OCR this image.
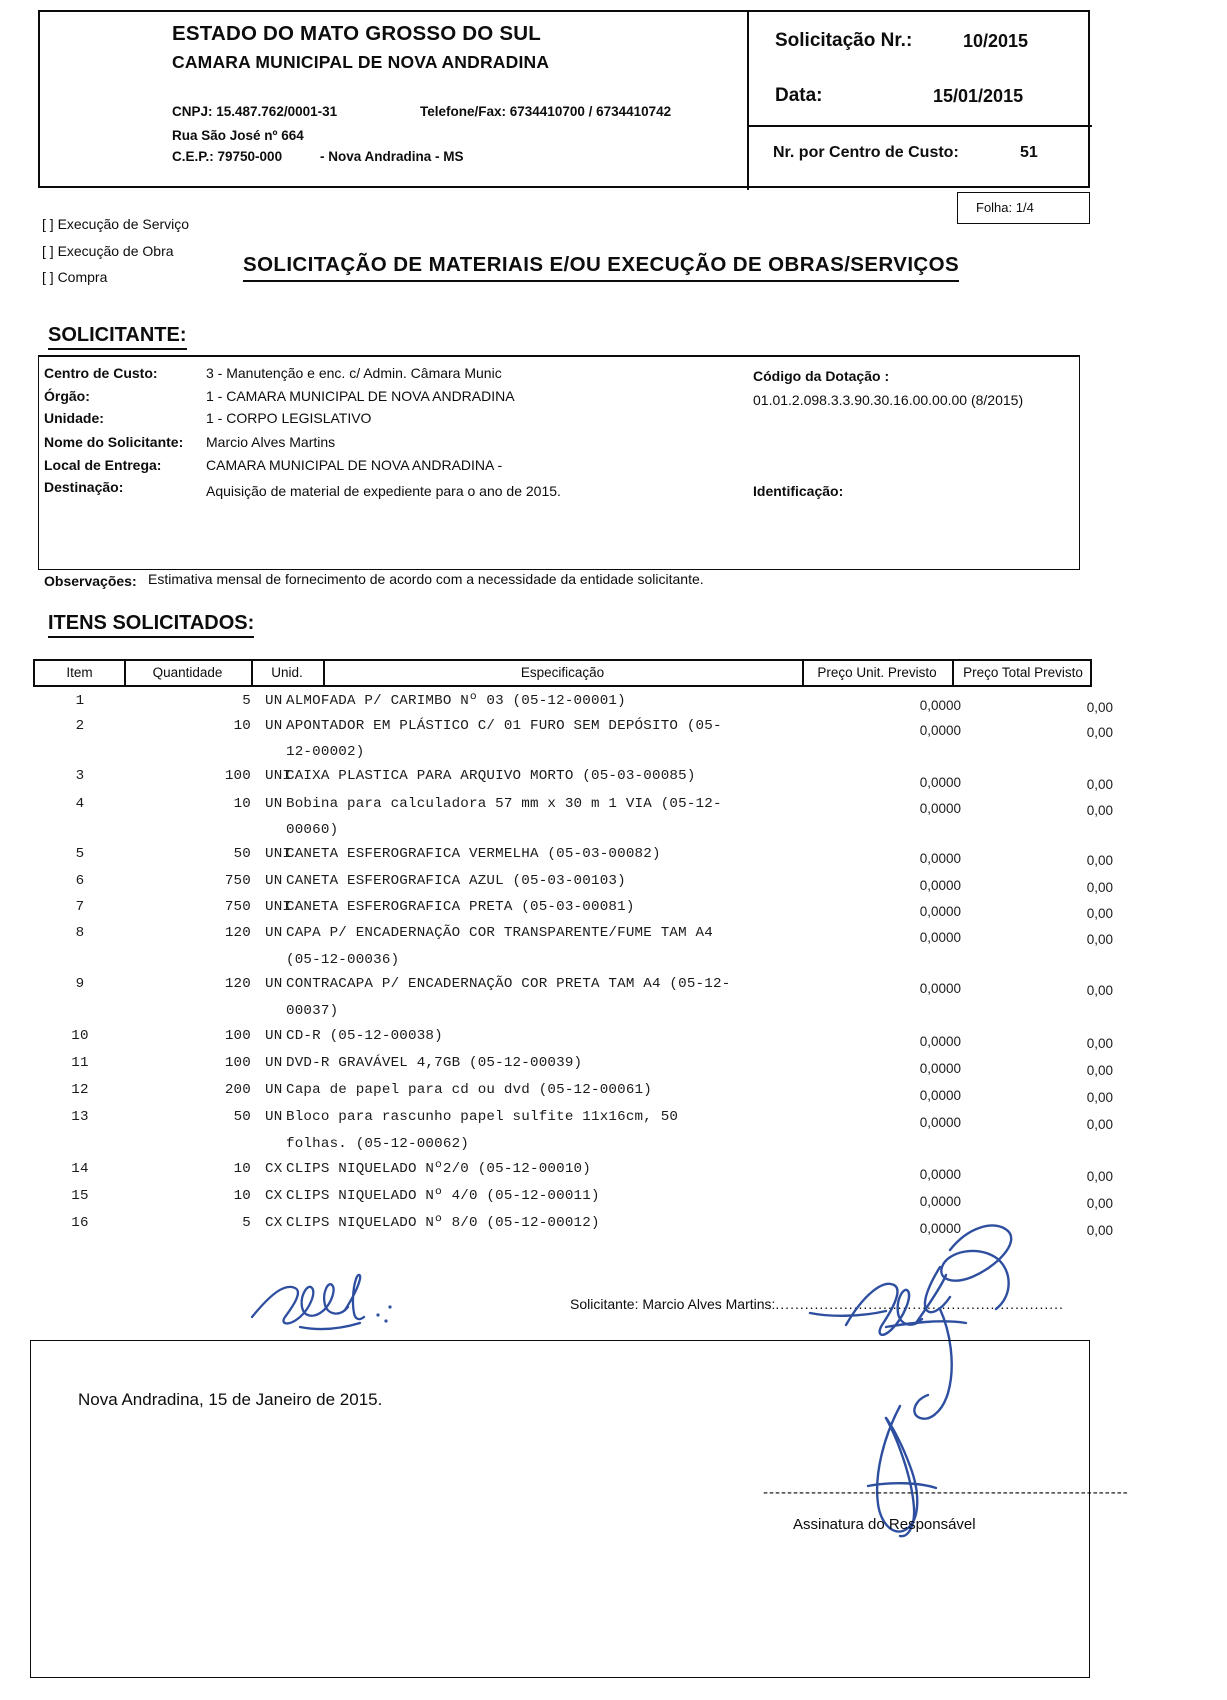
ESTADO DO MATO GROSSO DO SUL
CAMARA MUNICIPAL DE NOVA ANDRADINA
CNPJ: 15.487.762/0001-31	Telefone/Fax: 6734410700 / 6734410742
Rua São José nº 664
C.E.P.: 79750-000	- Nova Andradina - MS
Solicitação Nr.:	10/2015
Data:	15/01/2015
Nr. por Centro de Custo:	51
Folha: 1/4
[ ] Execução de Serviço
[ ] Execução de Obra
[ ] Compra
SOLICITAÇÃO DE MATERIAIS E/OU EXECUÇÃO DE OBRAS/SERVIÇOS
SOLICITANTE:
Centro de Custo:	3 - Manutenção e enc. c/ Admin. Câmara Munic
Órgão:	1 - CAMARA MUNICIPAL DE NOVA ANDRADINA
Unidade:	1 - CORPO LEGISLATIVO
Nome do Solicitante: Marcio Alves Martins
Local de Entrega:	CAMARA MUNICIPAL DE NOVA ANDRADINA -
Destinação:	Aquisição de material de expediente para o ano de 2015.
Código da Dotação :
01.01.2.098.3.3.90.30.16.00.00.00 (8/2015)
Identificação:
Observações: Estimativa mensal de fornecimento de acordo com a necessidade da entidade solicitante.
ITENS SOLICITADOS:
Item	Quantidade	Unid.	Especificação	Preço Unit. Previsto	Preço Total Previsto
1	5 UN ALMOFADA P/ CARIMBO Nº 03 (05-12-00001)	0,0000	0,00
2	10 UN APONTADOR EM PLÁSTICO C/ 01 FURO SEM DEPÓSITO (05-
12-00002)
0,0000	0,00
3	100 UNI
CAIXA PLASTICA PARA ARQUIVO MORTO (05-03-00085)	0,0000	0,00
4	10 UN Bobina para calculadora 57 mm x 30 m 1 VIA (05-12-
00060)
0,0000	0,00
5	50 UNI
CANETA ESFEROGRAFICA VERMELHA (05-03-00082)	0,0000	0,00
6	750 UN CANETA ESFEROGRAFICA AZUL (05-03-00103)	0,0000	0,00
7	750 UNI
CANETA ESFEROGRAFICA PRETA (05-03-00081)	0,0000	0,00
8	120 UN CAPA P/ ENCADERNAÇÃO COR TRANSPARENTE/FUME TAM A4
(05-12-00036)
0,0000	0,00
9	120 UN CONTRACAPA P/ ENCADERNAÇÃO COR PRETA TAM A4 (05-12-
00037)
0,0000	0,00
10	100 UN CD-R (05-12-00038)	0,0000	0,00
11	100 UN DVD-R GRAVÁVEL 4,7GB (05-12-00039)	0,0000	0,00
12	200 UN Capa de papel para cd ou dvd (05-12-00061)	0,0000	0,00
13	50 UN Bloco para rascunho papel sulfite 11x16cm, 50
folhas. (05-12-00062)
0,0000	0,00
14	10 CX CLIPS NIQUELADO Nº2/0 (05-12-00010)	0,0000	0,00
15	10 CX CLIPS NIQUELADO Nº 4/0 (05-12-00011)	0,0000	0,00
16	5 CX CLIPS NIQUELADO Nº 8/0 (05-12-00012)	0,0000	0,00
Solicitante: Marcio Alves Martins:...........................................................
Nova Andradina, 15 de Janeiro de 2015.
-------------------------------------------------------------
Assinatura do Responsável
